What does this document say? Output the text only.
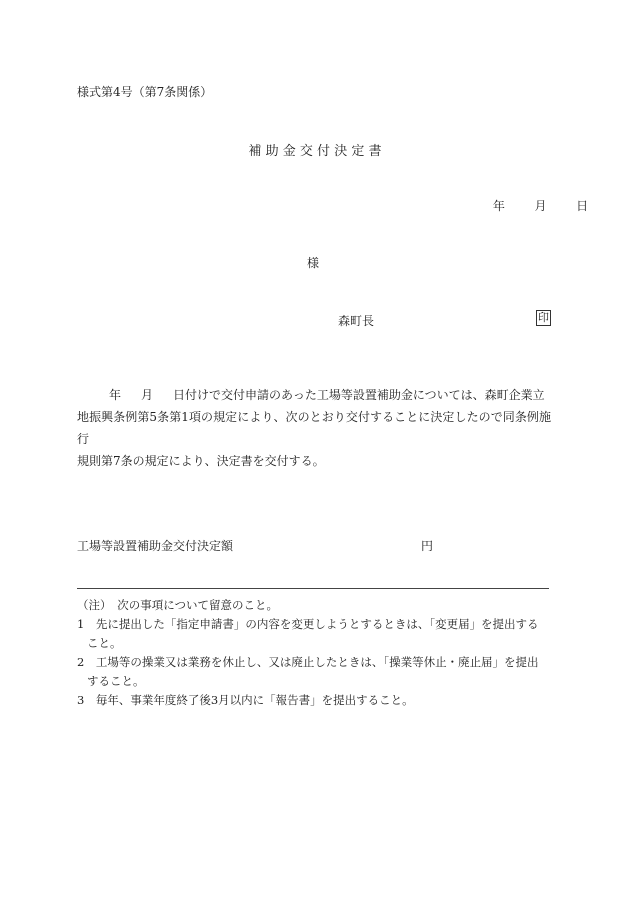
様式第4号（第7条関係）
補 助 金 交 付 決 定 書
年 月 日
様
森町長	印
年 月 日付けで交付申請のあった工場等設置補助金については、森町企業立
地振興条例第5条第1項の規定により、次のとおり交付することに決定したので同条例施行
規則第7条の規定により、決定書を交付する。
工場等設置補助金交付決定額	円
（注）　次の事項について留意のこと。
1　先に提出した「指定申請書」の内容を変更しようとするときは、「変更届」を提出する
こと。
2　工場等の操業又は業務を休止し、又は廃止したときは、「操業等休止・廃止届」を提出
すること。
3　毎年、事業年度終了後3月以内に「報告書」を提出すること。
